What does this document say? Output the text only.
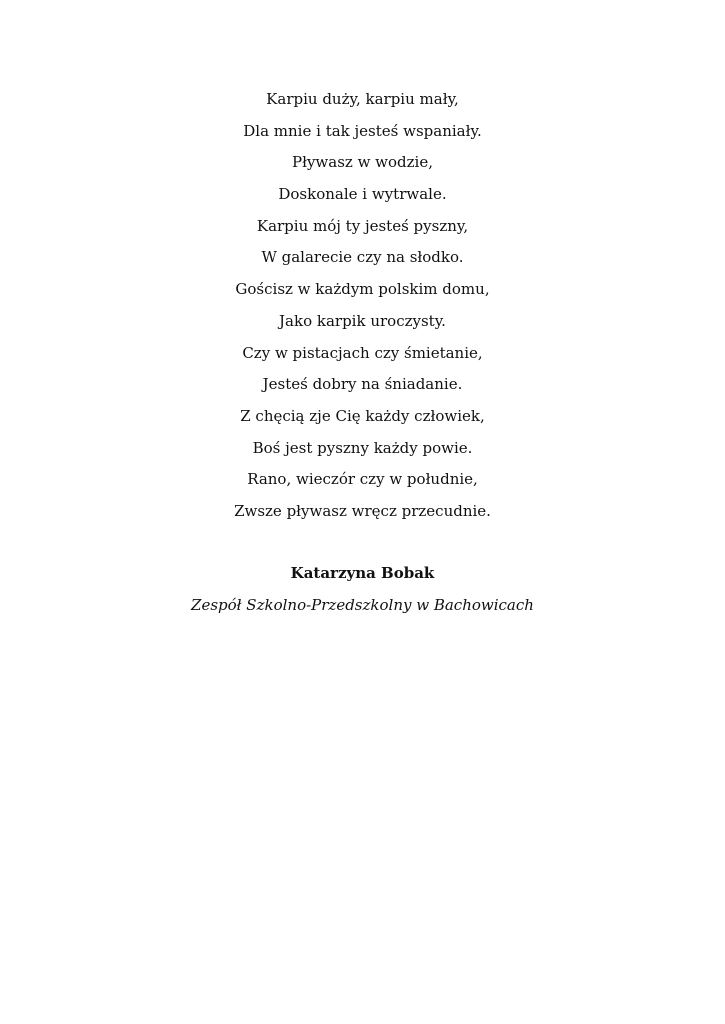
Karpiu duży, karpiu mały,
Dla mnie i tak jesteś wspaniały.
Pływasz w wodzie,
Doskonale i wytrwale.
Karpiu mój ty jesteś pyszny,
W galarecie czy na słodko.
Gościsz w każdym polskim domu,
Jako karpik uroczysty.
Czy w pistacjach czy śmietanie,
Jesteś dobry na śniadanie.
Z chęcią zje Cię każdy człowiek,
Boś jest pyszny każdy powie.
Rano, wieczór czy w południe,
Zwsze pływasz wręcz przecudnie.
Katarzyna Bobak
Zespół Szkolno-Przedszkolny w Bachowicach
